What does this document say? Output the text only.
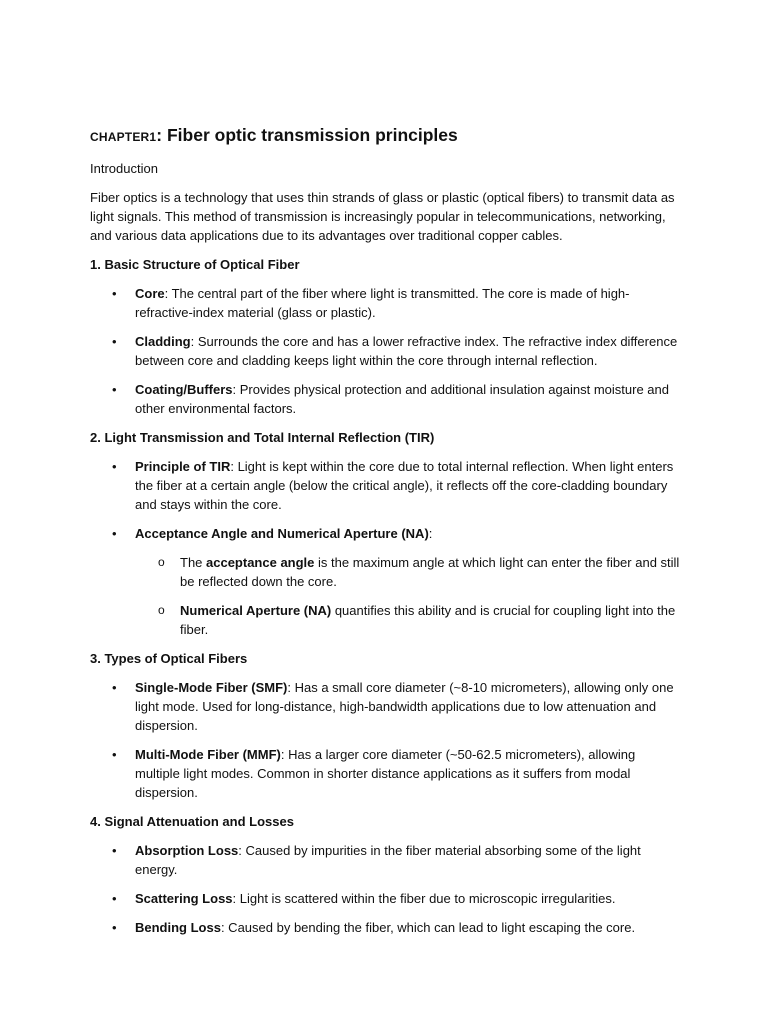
CHAPTER1: Fiber optic transmission principles
Introduction

Fiber optics is a technology that uses thin strands of glass or plastic (optical fibers) to transmit data as light signals. This method of transmission is increasingly popular in telecommunications, networking, and various data applications due to its advantages over traditional copper cables.

1. Basic Structure of Optical Fiber
• Core: The central part of the fiber where light is transmitted. The core is made of high-refractive-index material (glass or plastic).
• Cladding: Surrounds the core and has a lower refractive index. The refractive index difference between core and cladding keeps light within the core through internal reflection.
• Coating/Buffers: Provides physical protection and additional insulation against moisture and other environmental factors.
2. Light Transmission and Total Internal Reflection (TIR)
• Principle of TIR: Light is kept within the core due to total internal reflection. When light enters the fiber at a certain angle (below the critical angle), it reflects off the core-cladding boundary and stays within the core.
• Acceptance Angle and Numerical Aperture (NA):
o The acceptance angle is the maximum angle at which light can enter the fiber and still be reflected down the core.
o Numerical Aperture (NA) quantifies this ability and is crucial for coupling light into the fiber.
3. Types of Optical Fibers
• Single-Mode Fiber (SMF): Has a small core diameter (~8-10 micrometers), allowing only one light mode. Used for long-distance, high-bandwidth applications due to low attenuation and dispersion.
• Multi-Mode Fiber (MMF): Has a larger core diameter (~50-62.5 micrometers), allowing multiple light modes. Common in shorter distance applications as it suffers from modal dispersion.
4. Signal Attenuation and Losses
• Absorption Loss: Caused by impurities in the fiber material absorbing some of the light energy.
• Scattering Loss: Light is scattered within the fiber due to microscopic irregularities.
• Bending Loss: Caused by bending the fiber, which can lead to light escaping the core.
